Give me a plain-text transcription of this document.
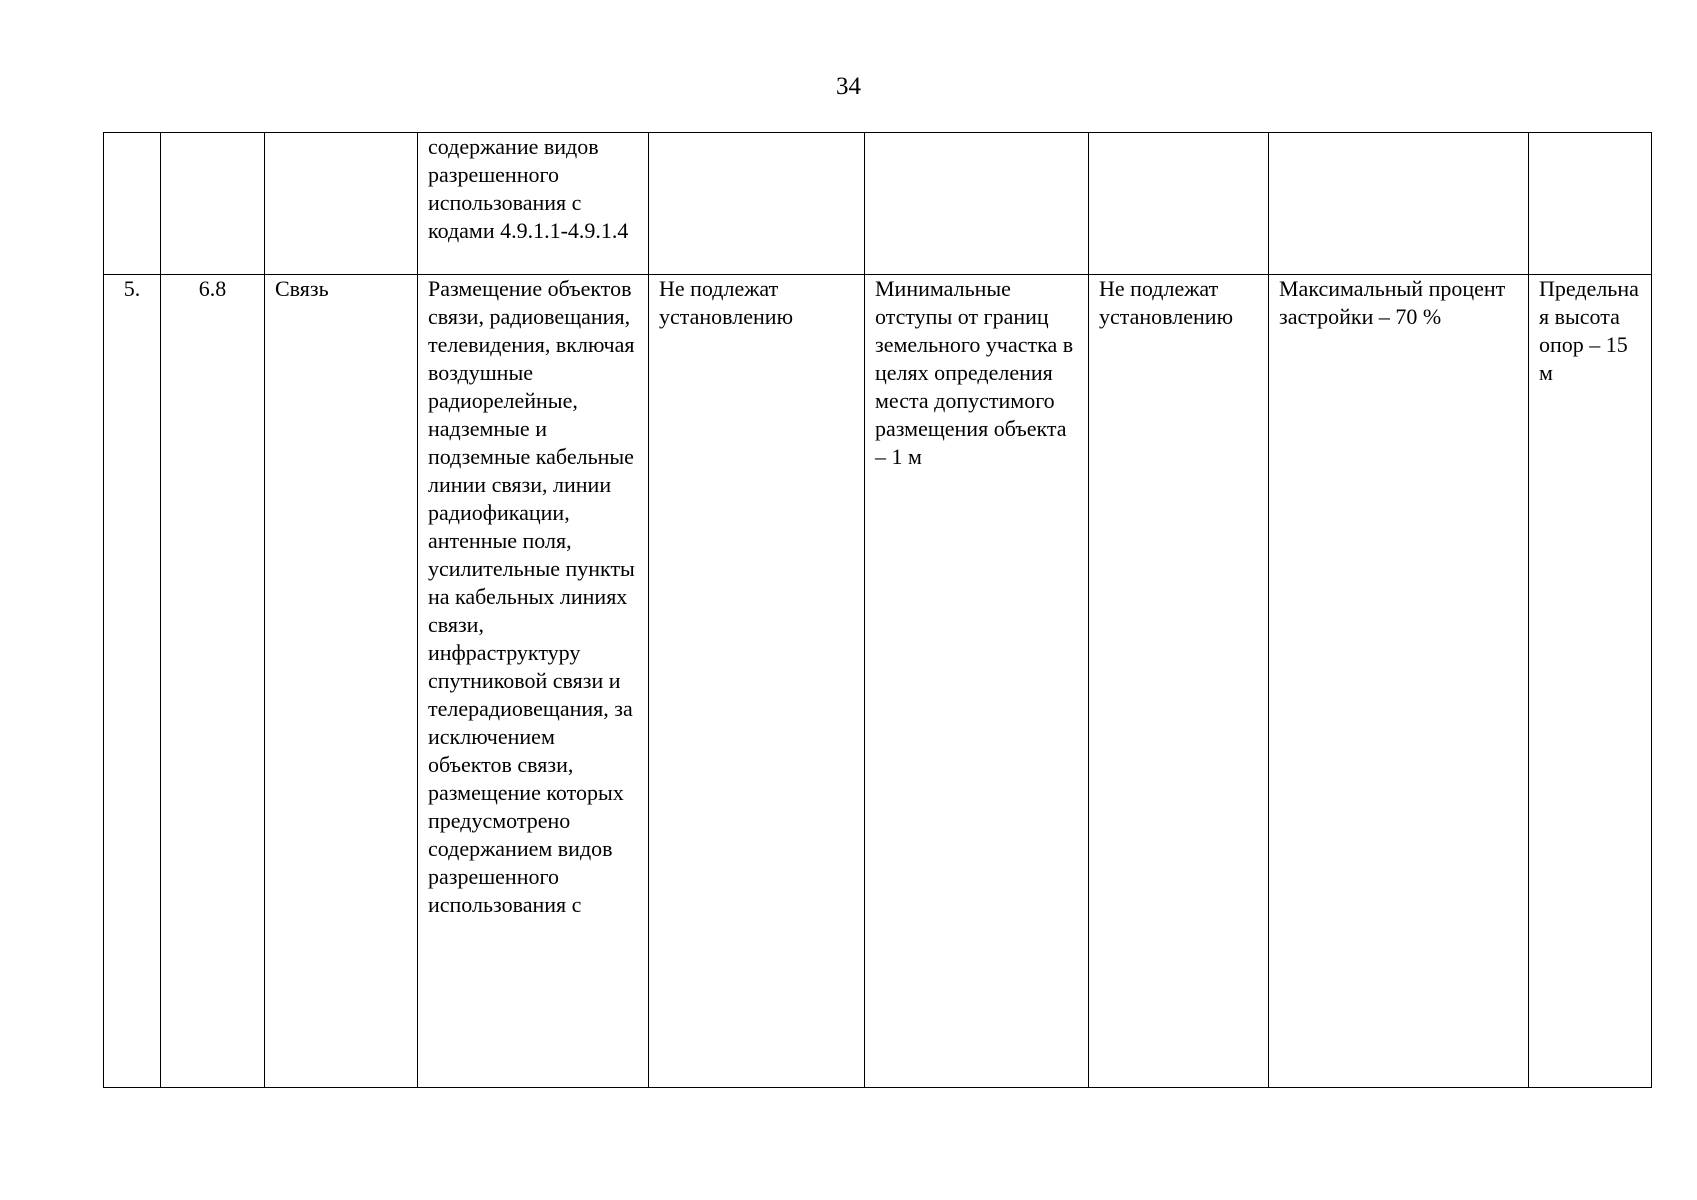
34
			содержание видов разрешенного использования с кодами 4.9.1.1-4.9.1.4					
5.	6.8	Связь	Размещение объектов связи, радиовещания, телевидения, включая воздушные радиорелейные, надземные и подземные кабельные линии связи, линии радиофикации, антенные поля, усилительные пункты на кабельных линиях связи, инфраструктуру спутниковой связи и телерадиовещания, за исключением объектов связи, размещение которых предусмотрено содержанием видов разрешенного использования с	Не подлежат установлению	Минимальные отступы от границ земельного участка в целях определения места допустимого размещения объекта – 1 м	Не подлежат установлению	Максимальный процент застройки – 70 %	Предельная высота опор – 15 м
